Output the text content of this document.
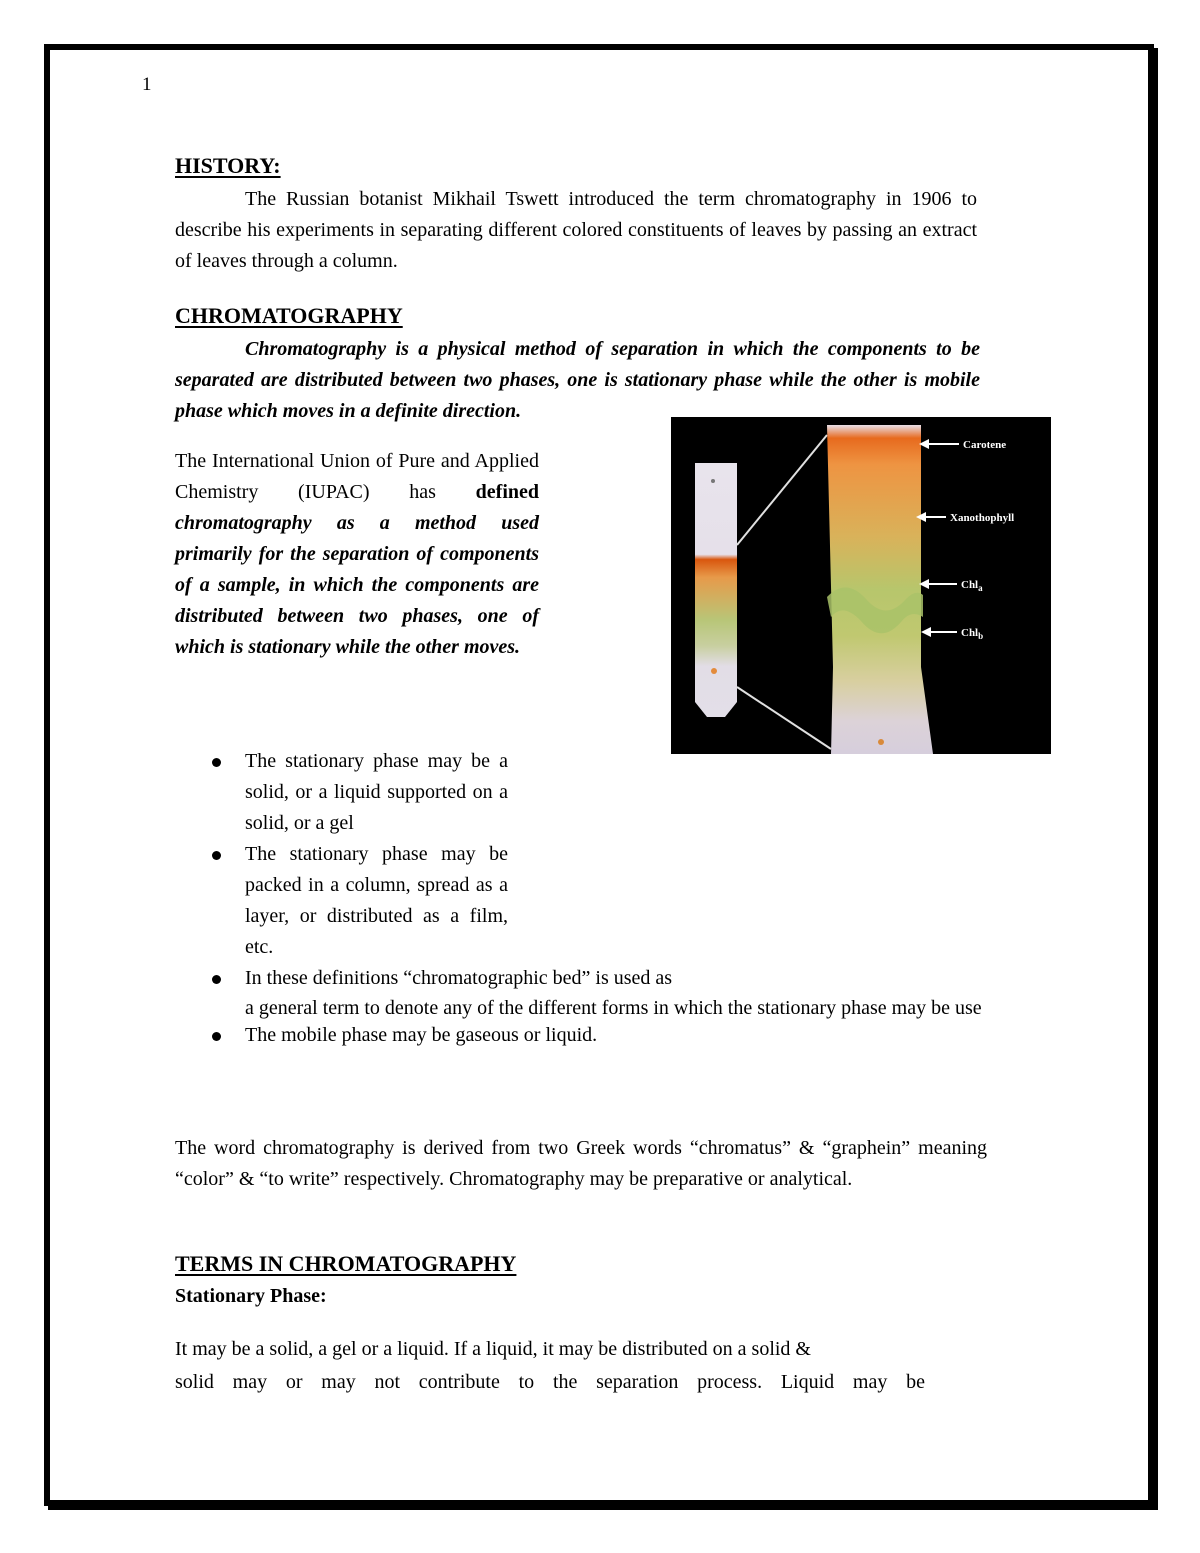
1
HISTORY:

The Russian botanist Mikhail Tswett introduced the term chromatography in 1906 to describe his experiments in separating different colored constituents of leaves by passing an extract of leaves through a column.

CHROMATOGRAPHY

Chromatography is a physical method of separation in which the components to be separated are distributed between two phases, one is stationary phase while the other is mobile phase which moves in a definite direction.

The International Union of Pure and Applied Chemistry (IUPAC) has defined chromatography as a method used primarily for the separation of components of a sample, in which the components are distributed between two phases, one of which is stationary while the other moves.

Carotene
Xanothophyll
Chl$_a$
Chl$_b$
The stationary phase may be a solid, or a liquid supported on a solid, or a gel
The stationary phase may be packed in a column, spread as a layer, or distributed as a film, etc.
In these definitions “chromatographic bed” is used as

a general term to denote any of the different forms in which the stationary phase may be use
The mobile phase may be gaseous or liquid.

The word chromatography is derived from two Greek words “chromatus” & “graphein” meaning “color” & “to write” respectively. Chromatography may be preparative or analytical.

TERMS IN CHROMATOGRAPHY
Stationary Phase:

It may be a solid, a gel or a liquid. If a liquid, it may be distributed on a solid &

solid may or may not contribute to the separation process. Liquid may be
